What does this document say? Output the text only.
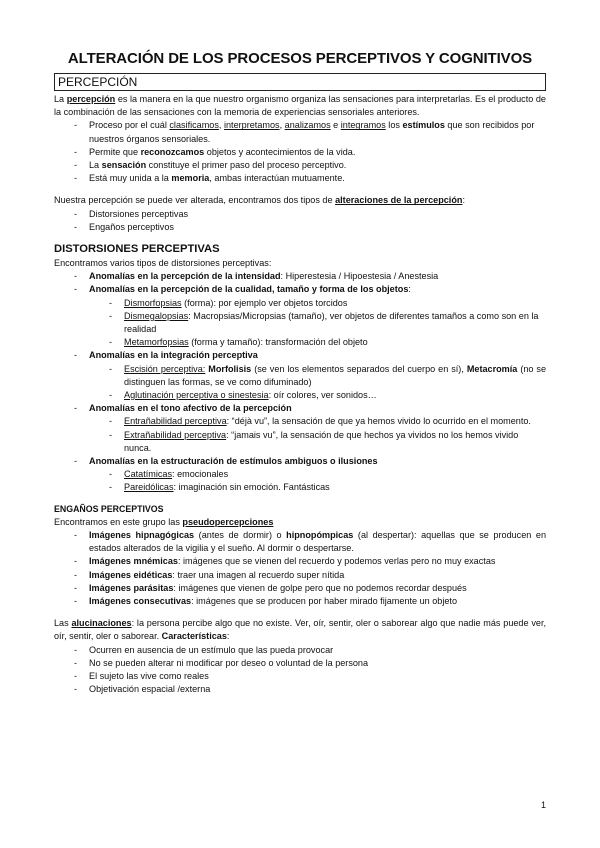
ALTERACIÓN DE LOS PROCESOS PERCEPTIVOS Y COGNITIVOS
PERCEPCIÓN

La percepción es la manera en la que nuestro organismo organiza las sensaciones para interpretarlas. Es el producto de la combinación de las sensaciones con la memoria de experiencias sensoriales anteriores.

- Proceso por el cuál clasificamos, interpretamos, analizamos e integramos los estímulos que son recibidos por nuestros órganos sensoriales.
- Permite que reconozcamos objetos y acontecimientos de la vida.
- La sensación constituye el primer paso del proceso perceptivo.
- Está muy unida a la memoria, ambas interactúan mutuamente.

Nuestra percepción se puede ver alterada, encontramos dos tipos de alteraciones de la percepción:

- Distorsiones perceptivas
- Engaños perceptivos
DISTORSIONES PERCEPTIVAS

Encontramos varios tipos de distorsiones perceptivas:

- Anomalías en la percepción de la intensidad: Hiperestesia / Hipoestesia / Anestesia
- Anomalías en la percepción de la cualidad, tamaño y forma de los objetos:
- Dismorfopsias (forma): por ejemplo ver objetos torcidos
- Dismegalopsias: Macropsias/Micropsias (tamaño), ver objetos de diferentes tamaños a como son en la realidad
- Metamorfopsias (forma y tamaño): transformación del objeto
- Anomalías en la integración perceptiva
- Escisión perceptiva: Morfolisis (se ven los elementos separados del cuerpo en sí), Metacromía (no se distinguen las formas, se ve como difuminado)
- Aglutinación perceptiva o sinestesia: oír colores, ver sonidos…
- Anomalías en el tono afectivo de la percepción
- Entrañabilidad perceptiva: “déjà vu”, la sensación de que ya hemos vivido lo ocurrido en el momento.
- Extrañabilidad perceptiva: “jamais vu”, la sensación de que hechos ya vividos no los hemos vivido nunca.
- Anomalías en la estructuración de estímulos ambiguos o ilusiones
- Catatímicas: emocionales
- Pareidólicas: imaginación sin emoción. Fantásticas
ENGAÑOS PERCEPTIVOS

Encontramos en este grupo las pseudopercepciones

- Imágenes hipnagógicas (antes de dormir) o hipnopómpicas (al despertar): aquellas que se producen en estados alterados de la vigilia y el sueño. Al dormir o despertarse.
- Imágenes mnémicas: imágenes que se vienen del recuerdo y podemos verlas pero no muy exactas
- Imágenes eidéticas: traer una imagen al recuerdo super nítida
- Imágenes parásitas: imágenes que vienen de golpe pero que no podemos recordar después
- Imágenes consecutivas: imágenes que se producen por haber mirado fijamente un objeto

Las alucinaciones: la persona percibe algo que no existe. Ver, oír, sentir, oler o saborear algo que nadie más puede ver, oír, sentir, oler o saborear. Características:

- Ocurren en ausencia de un estímulo que las pueda provocar
- No se pueden alterar ni modificar por deseo o voluntad de la persona
- El sujeto las vive como reales
- Objetivación espacial /externa
1
